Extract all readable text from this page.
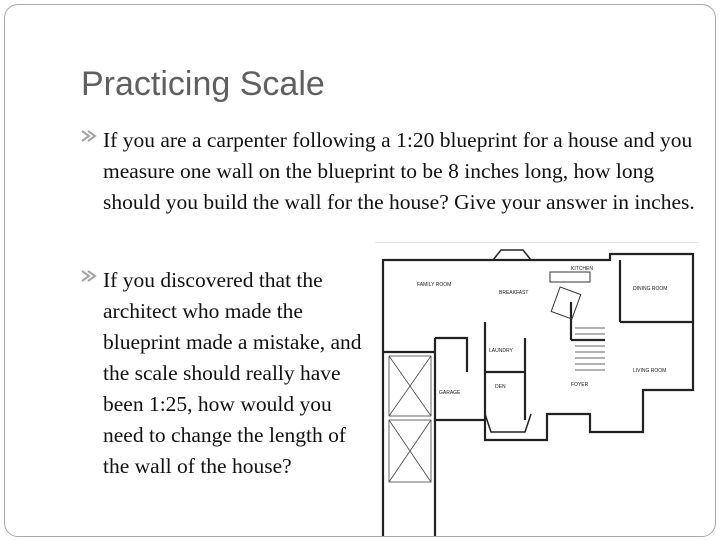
Practicing Scale
If you are a carpenter following a 1:20 blueprint for a house and you measure one wall on the blueprint to be 8 inches long, how long should you build the wall for the house? Give your answer in inches.
If you discovered that the architect who made the blueprint made a mistake, and the scale should really have been 1:25, how would you need to change the length of the wall of the house?
FAMILY ROOM
BREAKFAST
KITCHEN
DINING ROOM
LIVING ROOM
DEN
GARAGE
FOYER
LAUNDRY
